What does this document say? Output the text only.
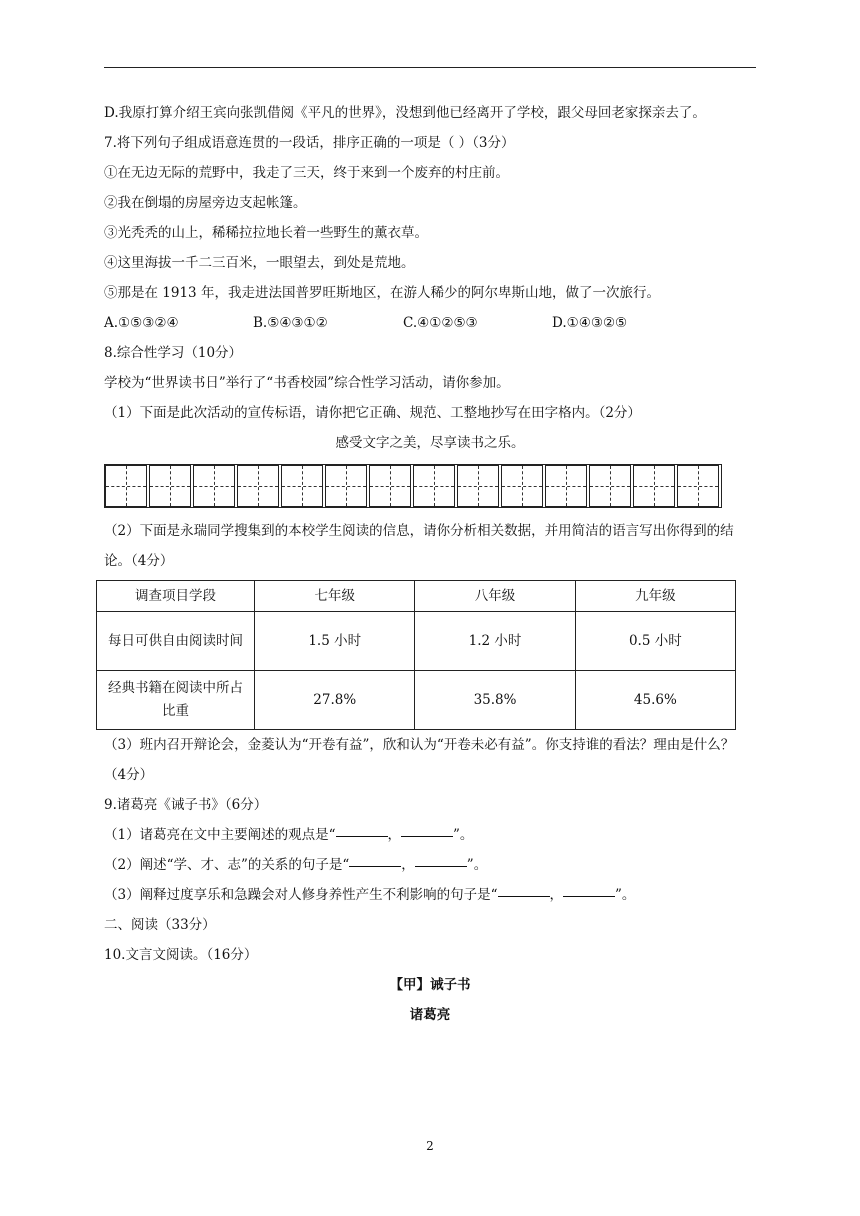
D.我原打算介绍王宾向张凯借阅《平凡的世界》，没想到他已经离开了学校，跟父母回老家探亲去了。

7.将下列句子组成语意连贯的一段话，排序正确的一项是（ ）（3分）

①在无边无际的荒野中，我走了三天，终于来到一个废弃的村庄前。

②我在倒塌的房屋旁边支起帐篷。

③光秃秃的山上，稀稀拉拉地长着一些野生的薰衣草。

④这里海拔一千二三百米，一眼望去，到处是荒地。

⑤那是在 1913 年，我走进法国普罗旺斯地区，在游人稀少的阿尔卑斯山地，做了一次旅行。

A.①⑤③②④	B.⑤④③①②	C.④①②⑤③	D.①④③②⑤

8.综合性学习（10分）

学校为“世界读书日”举行了“书香校园”综合性学习活动，请你参加。

（1）下面是此次活动的宣传标语，请你把它正确、规范、工整地抄写在田字格内。（2分）

感受文字之美，尽享读书之乐。

（2）下面是永瑞同学搜集到的本校学生阅读的信息，请你分析相关数据，并用简洁的语言写出你得到的结论。（4分）

调查项目学段	七年级	八年级	九年级
每日可供自由阅读时间	1.5 小时	1.2 小时	0.5 小时
经典书籍在阅读中所占比重	27.8%	35.8%	45.6%

（3）班内召开辩论会，金菱认为“开卷有益”，欣和认为“开卷未必有益”。你支持谁的看法？理由是什么？（4分）

9.诸葛亮《诫子书》（6分）

（1）诸葛亮在文中主要阐述的观点是“	，	”。

（2）阐述“学、才、志”的关系的句子是“	，	”。

（3）阐释过度享乐和急躁会对人修身养性产生不利影响的句子是“	，	”。

二、阅读（33分）

10.文言文阅读。（16分）

【甲】诫子书

诸葛亮

2
